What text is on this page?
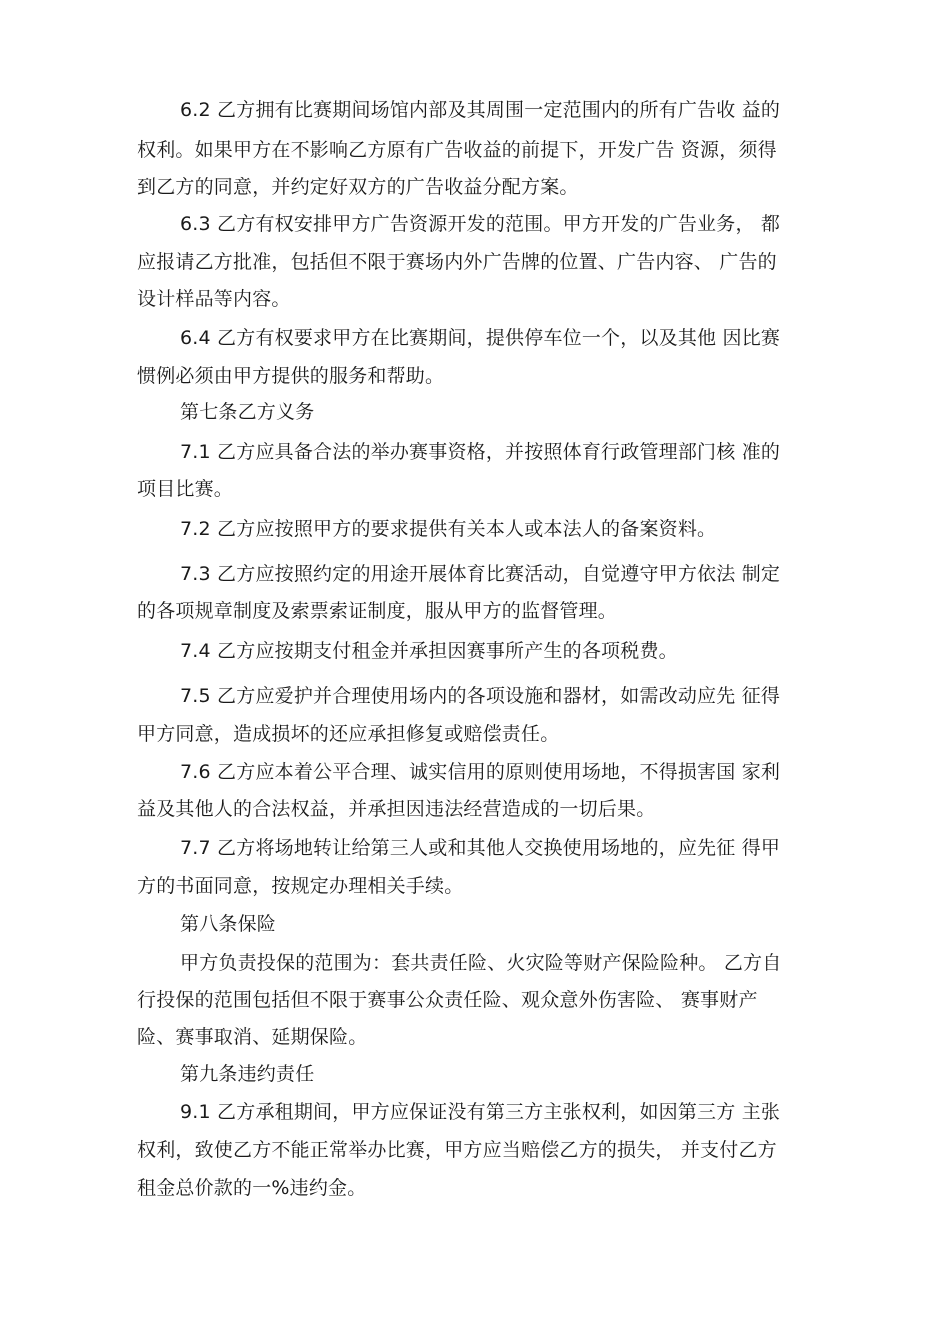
6.2 乙方拥有比赛期间场馆内部及其周围一定范围内的所有广告收 益的
权利。如果甲方在不影响乙方原有广告收益的前提下，开发广告 资源，须得
到乙方的同意，并约定好双方的广告收益分配方案。
6.3 乙方有权安排甲方广告资源开发的范围。甲方开发的广告业务， 都
应报请乙方批准，包括但不限于赛场内外广告牌的位置、广告内容、 广告的
设计样品等内容。
6.4 乙方有权要求甲方在比赛期间，提供停车位一个，以及其他 因比赛
惯例必须由甲方提供的服务和帮助。
第七条乙方义务
7.1 乙方应具备合法的举办赛事资格，并按照体育行政管理部门核 准的
项目比赛。
7.2 乙方应按照甲方的要求提供有关本人或本法人的备案资料。
7.3 乙方应按照约定的用途开展体育比赛活动，自觉遵守甲方依法 制定
的各项规章制度及索票索证制度，服从甲方的监督管理。
7.4 乙方应按期支付租金并承担因赛事所产生的各项税费。
7.5 乙方应爱护并合理使用场内的各项设施和器材，如需改动应先 征得
甲方同意，造成损坏的还应承担修复或赔偿责任。
7.6 乙方应本着公平合理、诚实信用的原则使用场地，不得损害国 家利
益及其他人的合法权益，并承担因违法经营造成的一切后果。
7.7 乙方将场地转让给第三人或和其他人交换使用场地的，应先征 得甲
方的书面同意，按规定办理相关手续。
第八条保险
甲方负责投保的范围为：套共责任险、火灾险等财产保险险种。 乙方自
行投保的范围包括但不限于赛事公众责任险、观众意外伤害险、 赛事财产
险、赛事取消、延期保险。
第九条违约责任
9.1 乙方承租期间，甲方应保证没有第三方主张权利，如因第三方 主张
权利，致使乙方不能正常举办比赛，甲方应当赔偿乙方的损失， 并支付乙方
租金总价款的一%违约金。
